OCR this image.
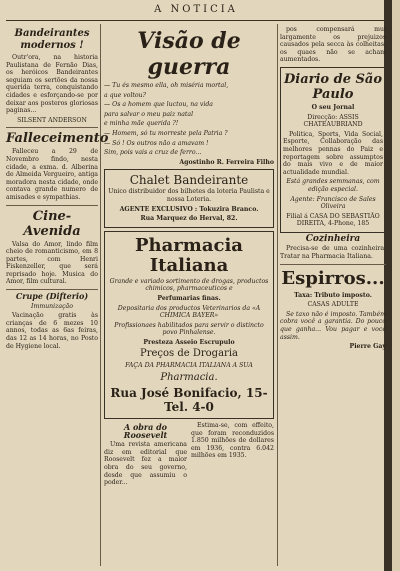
A NOTICIA
Bandeirantes modernos !

Outr'ora, na historia Paulistana de Fernão Dias, os heróicos Bandeirantes seguiam os sertões da nossa querida terra, conquistando cidades e esforçando-se por deixar aos posteros gloriosas paginas...

SILSENT ANDERSON

Falleceimento

Falleceu a 29 de Novembro findo, nesta cidade, a exma. d. Alberina de Almeida Vergueiro, antiga moradora nesta cidade, onde contava grande numero de amisades e sympathias.

Cine-Avenida

Valsa do Amor, lindo film cheio de romanticismo, em 8 partes, com Henri Fiskenzeller, que será reprisado hoje. Musica do Amor, film cultural.

Crupe (Difterio)

Immunização

Vacinação gratis às crianças de 6 mezes 10 annos, todas as 6as feiras, das 12 as 14 horas, no Posto de Hygiene local.

Visão de guerra

— Tu és mesmo ella, oh miséria mortal,

a que voltou?

— Os a homem que luctou, na vida

para salvar o meu paiz natal

e minha mãe querida ?!

— Homem, só tu morreste pela Patria ?

— Só ! Os outros não a amavam !

Sim, pois vais a cruz de ferro...

Agostinho R. Ferreira Filho

Chalet Bandeirante

Unico distribuidor dos bilhetes da loteria Paulista e nossa Loteria.

AGENTE EXCLUSIVO : Tokuzira Branco.

Rua Marquez do Herval, 82.

Pharmacia Italiana

Grande e variado sortimento de drogas, productos chimicos, pharmaceuticos e

Perfumarias finas.

Depositaria dos productos Veterinarios da «A CHIMICA BAYER»

Profissionaes habilitados para servir o distincto povo Pinhalense.

Presteza Asseio Escrupulo

Preços de Drogaria

FAÇA DA PHARMACIA ITALIANA A SUA

Pharmacia.

Rua José Bonifacio, 15-Tel. 4-0

A obra do Roosevelt

Uma revista americana diz em editorial que Roosevelt fez a maior obra do seu governo, desde que assumiu o poder...

Estima-se, com effeito, que foram reconduzidos 1.850 milhões de dollares em 1936, contra 6.042 milhões em 1935.

pos compensará mui largamente os prejuizos causados pela secca às colheitas, os quaes não se acham aumentados.

Diario de São Paulo

O seu Jornal

Direcção: ASSIS CHATEAUBRIAND

Politica, Sports, Vida Social, Esporte, Collaboração das melhores pennas do Paiz e reportagem sobre assumptos do mais vivo e de maior actualidade mundial.

Está grandes semmanas, com edição especial.

Agente: Francisco de Sales Oliveira

Filial á CASA DO SEBASTIÃO DIREITA, 4-Phone, 185

Cozinheira

Precisa-se de uma cozinheira. Tratar na Pharmacia Italiana.

Espirros...

Taxa: Tributo imposto.

CASAS ADULTE

Se taxo não é imposto. Também cobra você a garantia. Do pouco que ganha... Vou pagar e você assim.

Pierre Gay
